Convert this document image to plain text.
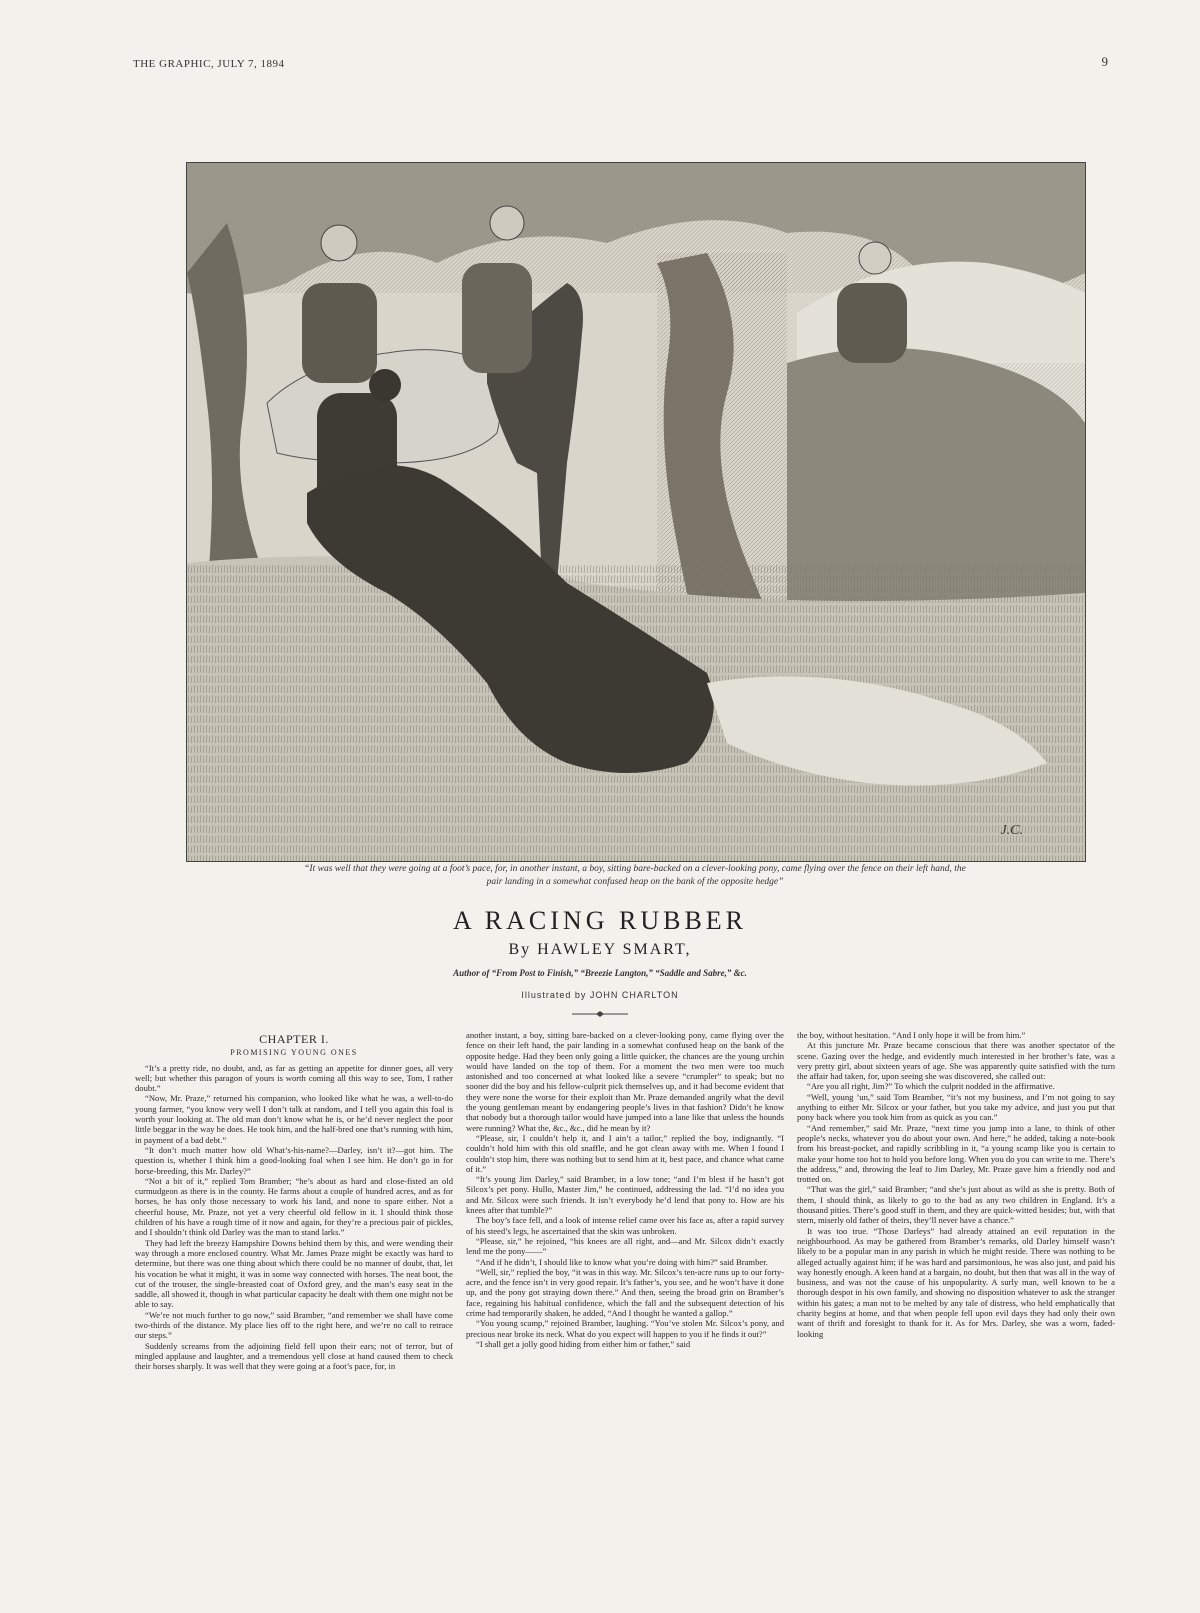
THE GRAPHIC, JULY 7, 1894	9
J.C.
“It was well that they were going at a foot’s pace, for, in another instant, a boy, sitting bare-backed on a clever-looking pony, came flying over the fence on their left hand, the
pair landing in a somewhat confused heap on the bank of the opposite hedge”
A RACING RUBBER
By HAWLEY SMART,
Author of “From Post to Finish,” “Breezie Langton,” “Saddle and Sabre,” &c.
Illustrated by JOHN CHARLTON
CHAPTER I.
PROMISING YOUNG ONES

“It’s a pretty ride, no doubt, and, as far as getting an appetite for dinner goes, all very well; but whether this paragon of yours is worth coming all this way to see, Tom, I rather doubt.”

“Now, Mr. Praze,” returned his companion, who looked like what he was, a well-to-do young farmer, “you know very well I don’t talk at random, and I tell you again this foal is worth your looking at. The old man don’t know what he is, or he’d never neglect the poor little beggar in the way he does. He took him, and the half-bred one that’s running with him, in payment of a bad debt.”

“It don’t much matter how old What’s-his-name?—Darley, isn’t it?—got him. The question is, whether I think him a good-looking foal when I see him. He don’t go in for horse-breeding, this Mr. Darley?”

“Not a bit of it,” replied Tom Bramber; “he’s about as hard and close-fisted an old curmudgeon as there is in the county. He farms about a couple of hundred acres, and as for horses, he has only those necessary to work his land, and none to spare either. Not a cheerful house, Mr. Praze, not yet a very cheerful old fellow in it. I should think those children of his have a rough time of it now and again, for they’re a precious pair of pickles, and I shouldn’t think old Darley was the man to stand larks.”

They had left the breezy Hampshire Downs behind them by this, and were wending their way through a more enclosed country. What Mr. James Praze might be exactly was hard to determine, but there was one thing about which there could be no manner of doubt, that, let his vocation be what it might, it was in some way connected with horses. The neat boot, the cut of the trouser, the single-breasted coat of Oxford grey, and the man’s easy seat in the saddle, all showed it, though in what particular capacity he dealt with them one might not be able to say.

“We’re not much further to go now,” said Bramber, “and remember we shall have come two-thirds of the distance. My place lies off to the right here, and we’re no call to retrace our steps.”

Suddenly screams from the adjoining field fell upon their ears; not of terror, but of mingled applause and laughter, and a tremendous yell close at hand caused them to check their horses sharply. It was well that they were going at a foot’s pace, for, in

another instant, a boy, sitting bare-backed on a clever-looking pony, came flying over the fence on their left hand, the pair landing in a somewhat confused heap on the bank of the opposite hedge. Had they been only going a little quicker, the chances are the young urchin would have landed on the top of them. For a moment the two men were too much astonished and too concerned at what looked like a severe “crumpler” to speak; but no sooner did the boy and his fellow-culprit pick themselves up, and it had become evident that they were none the worse for their exploit than Mr. Praze demanded angrily what the devil the young gentleman meant by endangering people’s lives in that fashion? Didn’t he know that nobody but a thorough tailor would have jumped into a lane like that unless the hounds were running? What the, &c., &c., did he mean by it?

“Please, sir, I couldn’t help it, and I ain’t a tailor,” replied the boy, indignantly. “I couldn’t hold him with this old snaffle, and he got clean away with me. When I found I couldn’t stop him, there was nothing but to send him at it, best pace, and chance what came of it.”

“It’s young Jim Darley,” said Bramber, in a low tone; “and I’m blest if he hasn’t got Silcox’s pet pony. Hullo, Master Jim,” he continued, addressing the lad. “I’d no idea you and Mr. Silcox were such friends. It isn’t everybody he’d lend that pony to. How are his knees after that tumble?”

The boy’s face fell, and a look of intense relief came over his face as, after a rapid survey of his steed’s legs, he ascertained that the skin was unbroken.

“Please, sir,” he rejoined, “his knees are all right, and—and Mr. Silcox didn’t exactly lend me the pony——”

“And if he didn’t, I should like to know what you’re doing with him?” said Bramber.

“Well, sir,” replied the boy, “it was in this way. Mr. Silcox’s ten-acre runs up to our forty-acre, and the fence isn’t in very good repair. It’s father’s, you see, and he won’t have it done up, and the pony got straying down there.” And then, seeing the broad grin on Bramber’s face, regaining his habitual confidence, which the fall and the subsequent detection of his crime had temporarily shaken, he added, “And I thought he wanted a gallop.”

“You young scamp,” rejoined Bramber, laughing. “You’ve stolen Mr. Silcox’s pony, and precious near broke its neck. What do you expect will happen to you if he finds it out?”

“I shall get a jolly good hiding from either him or father,” said

the boy, without hesitation. “And I only hope it will be from him.”

At this juncture Mr. Praze became conscious that there was another spectator of the scene. Gazing over the hedge, and evidently much interested in her brother’s fate, was a very pretty girl, about sixteen years of age. She was apparently quite satisfied with the turn the affair had taken, for, upon seeing she was discovered, she called out:

“Are you all right, Jim?” To which the culprit nodded in the affirmative.

“Well, young ’un,” said Tom Bramber, “it’s not my business, and I’m not going to say anything to either Mr. Silcox or your father, but you take my advice, and just you put that pony back where you took him from as quick as you can.”

“And remember,” said Mr. Praze, “next time you jump into a lane, to think of other people’s necks, whatever you do about your own. And here,” he added, taking a note-book from his breast-pocket, and rapidly scribbling in it, “a young scamp like you is certain to make your home too hot to hold you before long. When you do you can write to me. There’s the address,” and, throwing the leaf to Jim Darley, Mr. Praze gave him a friendly nod and trotted on.

“That was the girl,” said Bramber; “and she’s just about as wild as she is pretty. Both of them, I should think, as likely to go to the bad as any two children in England. It’s a thousand pities. There’s good stuff in them, and they are quick-witted besides; but, with that stern, miserly old father of theirs, they’ll never have a chance.”

It was too true. “Those Darleys” had already attained an evil reputation in the neighbourhood. As may be gathered from Bramber’s remarks, old Darley himself wasn’t likely to be a popular man in any parish in which he might reside. There was nothing to be alleged actually against him; if he was hard and parsimonious, he was also just, and paid his way honestly enough. A keen hand at a bargain, no doubt, but then that was all in the way of business, and was not the cause of his unpopularity. A surly man, well known to be a thorough despot in his own family, and showing no disposition whatever to ask the stranger within his gates; a man not to be melted by any tale of distress, who held emphatically that charity begins at home, and that when people fell upon evil days they had only their own want of thrift and foresight to thank for it. As for Mrs. Darley, she was a worn, faded-looking
